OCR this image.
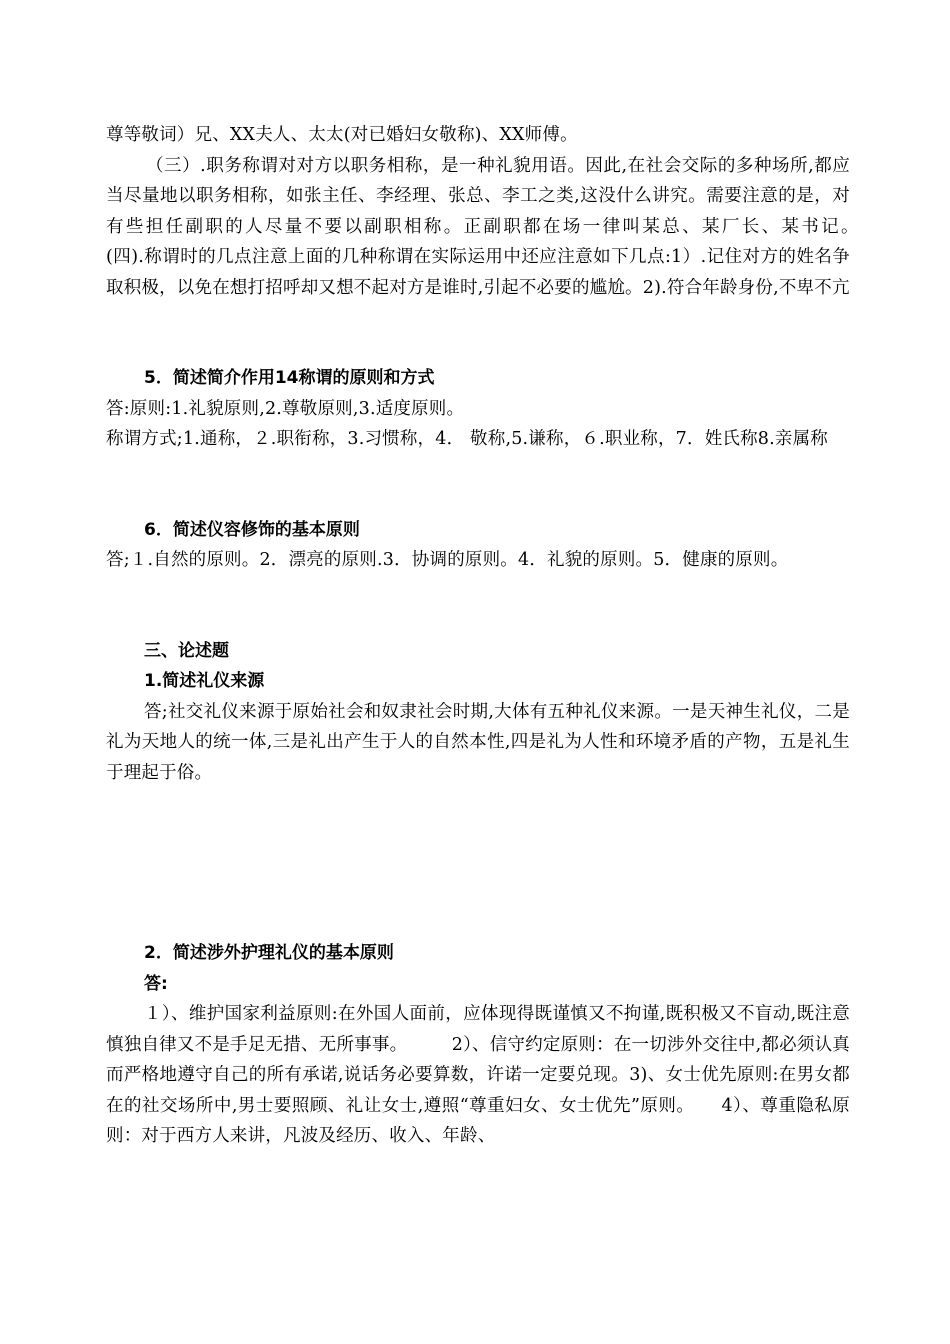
尊等敬词）兄、XX夫人、太太(对已婚妇女敬称)、XX师傅。

（三）.职务称谓对对方以职务相称，是一种礼貌用语。因此,在社会交际的多种场所,都应当尽量地以职务相称，如张主任、李经理、张总、李工之类,这没什么讲究。需要注意的是，对有些担任副职的人尽量不要以副职相称。正副职都在场一律叫某总、某厂长、某书记。　　　(四).称谓时的几点注意上面的几种称谓在实际运用中还应注意如下几点:1）.记住对方的姓名争取积极，以免在想打招呼却又想不起对方是谁时,引起不必要的尴尬。2).符合年龄身份,不卑不亢

5．简述简介作用14称谓的原则和方式

答:原则:1.礼貌原则,2.尊敬原则,3.适度原则。

称谓方式;1.通称，２.职衔称，3.习惯称，4． 敬称,5.谦称，６.职业称，7．姓氏称8.亲属称

6．简述仪容修饰的基本原则

答;１.自然的原则。2．漂亮的原则.3．协调的原则。4．礼貌的原则。5．健康的原则。

三、论述题

1.简述礼仪来源

答;社交礼仪来源于原始社会和奴隶社会时期,大体有五种礼仪来源。一是天神生礼仪，二是礼为天地人的统一体,三是礼出产生于人的自然本性,四是礼为人性和环境矛盾的产物，五是礼生于理起于俗。

2．简述涉外护理礼仪的基本原则

答:

１）、维护国家利益原则:在外国人面前，应体现得既谨慎又不拘谨,既积极又不盲动,既注意慎独自律又不是手足无措、无所事事。　　　2）、信守约定原则：在一切涉外交往中,都必须认真而严格地遵守自己的所有承诺,说话务必要算数，许诺一定要兑现。3)、女士优先原则:在男女都在的社交场所中,男士要照顾、礼让女士,遵照“尊重妇女、女士优先”原则。　　4）、尊重隐私原则：对于西方人来讲，凡波及经历、收入、年龄、
